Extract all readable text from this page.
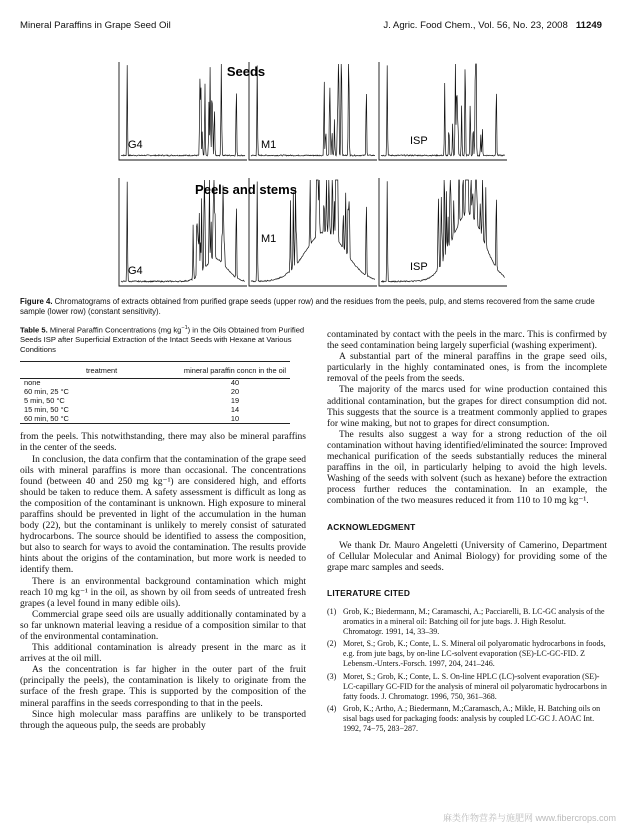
Mineral Paraffins in Grape Seed Oil	J. Agric. Food Chem., Vol. 56, No. 23, 2008 11249
Seeds
Peels and stems
G4	M1	ISP
G4
M1
ISP
Figure 4. Chromatograms of extracts obtained from purified grape seeds (upper row) and the residues from the peels, pulp, and stems recovered from the same crude sample (lower row) (constant sensitivity).
Table 5. Mineral Paraffin Concentrations (mg $kg^{-1}$) in the Oils Obtained from Purified Seeds ISP after Superficial Extraction of the Intact Seeds with Hexane at Various Conditions
treatment	mineral paraffin concn in the oil
none	40
60 min, 25 °C	20
5 min, 50 °C	19
15 min, 50 °C	14
60 min, 50 °C	10

from the peels. This notwithstanding, there may also be mineral paraffins in the center of the seeds.

In conclusion, the data confirm that the contamination of the grape seed oils with mineral paraffins is more than occasional. The concentrations found (between 40 and 250 mg kg⁻¹) are considered high, and efforts should be taken to reduce them. A safety assessment is difficult as long as the composition of the contaminant is unknown. High exposure to mineral paraffins should be prevented in light of the accumulation in the human body (22), but the contaminant is unlikely to merely consist of saturated hydrocarbons. The source should be identified to assess the composition, but also to search for ways to avoid the contamination. The results provide hints about the origins of the contamination, but more work is needed to identify them.

There is an environmental background contamination which might reach 10 mg kg⁻¹ in the oil, as shown by oil from seeds of untreated fresh grapes (a level found in many edible oils).

Commercial grape seed oils are usually additionally contaminated by a so far unknown material leaving a residue of a composition similar to that of the environmental contamination.

This additional contamination is already present in the marc as it arrives at the oil mill.

As the concentration is far higher in the outer part of the fruit (principally the peels), the contamination is likely to originate from the surface of the fresh grape. This is supported by the composition of the mineral paraffins in the seeds corresponding to that in the peels.

Since high molecular mass paraffins are unlikely to be transported through the aqueous pulp, the seeds are probably

contaminated by contact with the peels in the marc. This is confirmed by the seed contamination being largely superficial (washing experiment).

A substantial part of the mineral paraffins in the grape seed oils, particularly in the highly contaminated ones, is from the incomplete removal of the peels from the seeds.

The majority of the marcs used for wine production contained this additional contamination, but the grapes for direct consumption did not. This suggests that the source is a treatment commonly applied to grapes for wine making, but not to grapes for direct consumption.

The results also suggest a way for a strong reduction of the oil contamination without having identified/eliminated the source: Improved mechanical purification of the seeds substantially reduces the mineral paraffins in the oil, in particularly helping to avoid the high levels. Washing of the seeds with solvent (such as hexane) before the extraction process further reduces the contamination. In an example, the combination of the two measures reduced it from 110 to 10 mg kg⁻¹.

ACKNOWLEDGMENT

We thank Dr. Mauro Angeletti (University of Camerino, Department of Cellular Molecular and Animal Biology) for providing some of the grape marc samples and seeds.

LITERATURE CITED
(1) Grob, K.; Biedermann, M.; Caramaschi, A.; Pacciarelli, B. LC-GC analysis of the aromatics in a mineral oil: Batching oil for jute bags. J. High Resolut. Chromatogr. 1991, 14, 33–39.
(2) Moret, S.; Grob, K.; Conte, L. S. Mineral oil polyaromatic hydrocarbons in foods, e.g. from jute bags, by on-line LC-solvent evaporation (SE)-LC-GC-FID. Z Lebensm.-Unters.-Forsch. 1997, 204, 241–246.
(3) Moret, S.; Grob, K.; Conte, L. S. On-line HPLC (LC)-solvent evaporation (SE)-LC-capillary GC-FID for the analysis of mineral oil polyaromatic hydrocarbons in fatty foods. J. Chromatogr. 1996, 750, 361–368.
(4) Grob, K.; Artho, A.; Biedermann, M.;Caramasch, A.; Mikle, H. Batching oils on sisal bags used for packaging foods: analysis by coupled LC-GC J. AOAC Int. 1992, 74−75, 283−287.
麻类作物营养与施肥网 www.fibercrops.com
